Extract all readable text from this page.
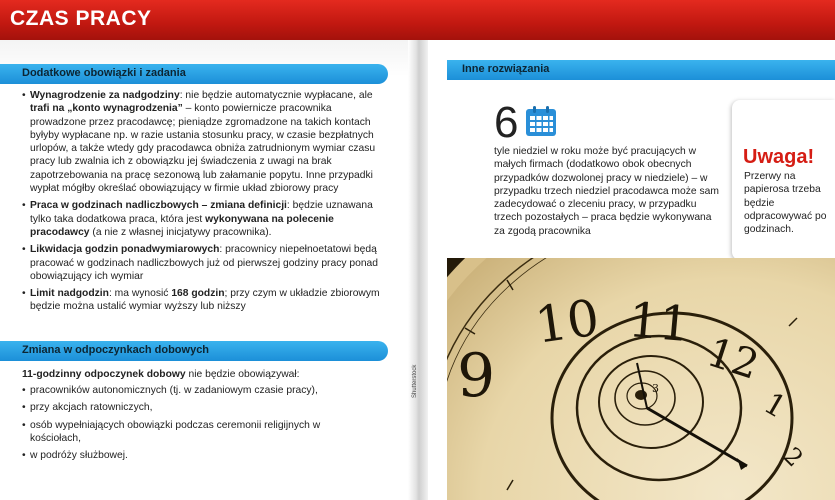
CZAS PRACY
Dodatkowe obowiązki i zadania
• Wynagrodzenie za nadgodziny: nie będzie automatycznie wypłacane, ale trafi na „konto wynagrodzenia” – konto powiernicze pracownika prowadzone przez pracodawcę; pieniądze zgromadzone na takich kontach byłyby wypłacane np. w razie ustania stosunku pracy, w czasie bezpłatnych urlopów, a także wtedy gdy pracodawca obniża zatrudnionym wymiar czasu pracy lub zwalnia ich z obowiązku jej świadczenia z uwagi na brak zapotrzebowania na pracę sezonową lub załamanie popytu. Inne przypadki wypłat mógłby określać obowiązujący w firmie układ zbiorowy pracy
• Praca w godzinach nadliczbowych – zmiana definicji: będzie uznawana tylko taka dodatkowa praca, która jest wykonywana na polecenie pracodawcy (a nie z własnej inicjatywy pracownika).
• Likwidacja godzin ponadwymiarowych: pracownicy niepełnoetatowi będą pracować w godzinach nadliczbowych już od pierwszej godziny pracy ponad obowiązujący ich wymiar
• Limit nadgodzin: ma wynosić 168 godzin; przy czym w układzie zbiorowym będzie można ustalić wymiar wyższy lub niższy
Zmiana w odpoczynkach dobowych
11-godzinny odpoczynek dobowy nie będzie obowiązywał:
• pracowników autonomicznych (tj. w zadaniowym czasie pracy),
• przy akcjach ratowniczych,
• osób wypełniających obowiązki podczas ceremonii religijnych w kościołach,
• w podróży służbowej.
Shutterstock
Inne rozwiązania
6
tyle niedziel w roku może być pracujących w małych firmach (dodatkowo obok obecnych przypadków dozwolonej pracy w niedziele) – w przypadku trzech niedziel pracodawca może sam zadecydować o zleceniu pracy, w przypadku trzech pozostałych – praca będzie wykonywana za zgodą pracownika
Uwaga!
Przerwy na papierosa trzeba będzie odpracowywać po godzinach.
9
10 11
12
1
2
3
